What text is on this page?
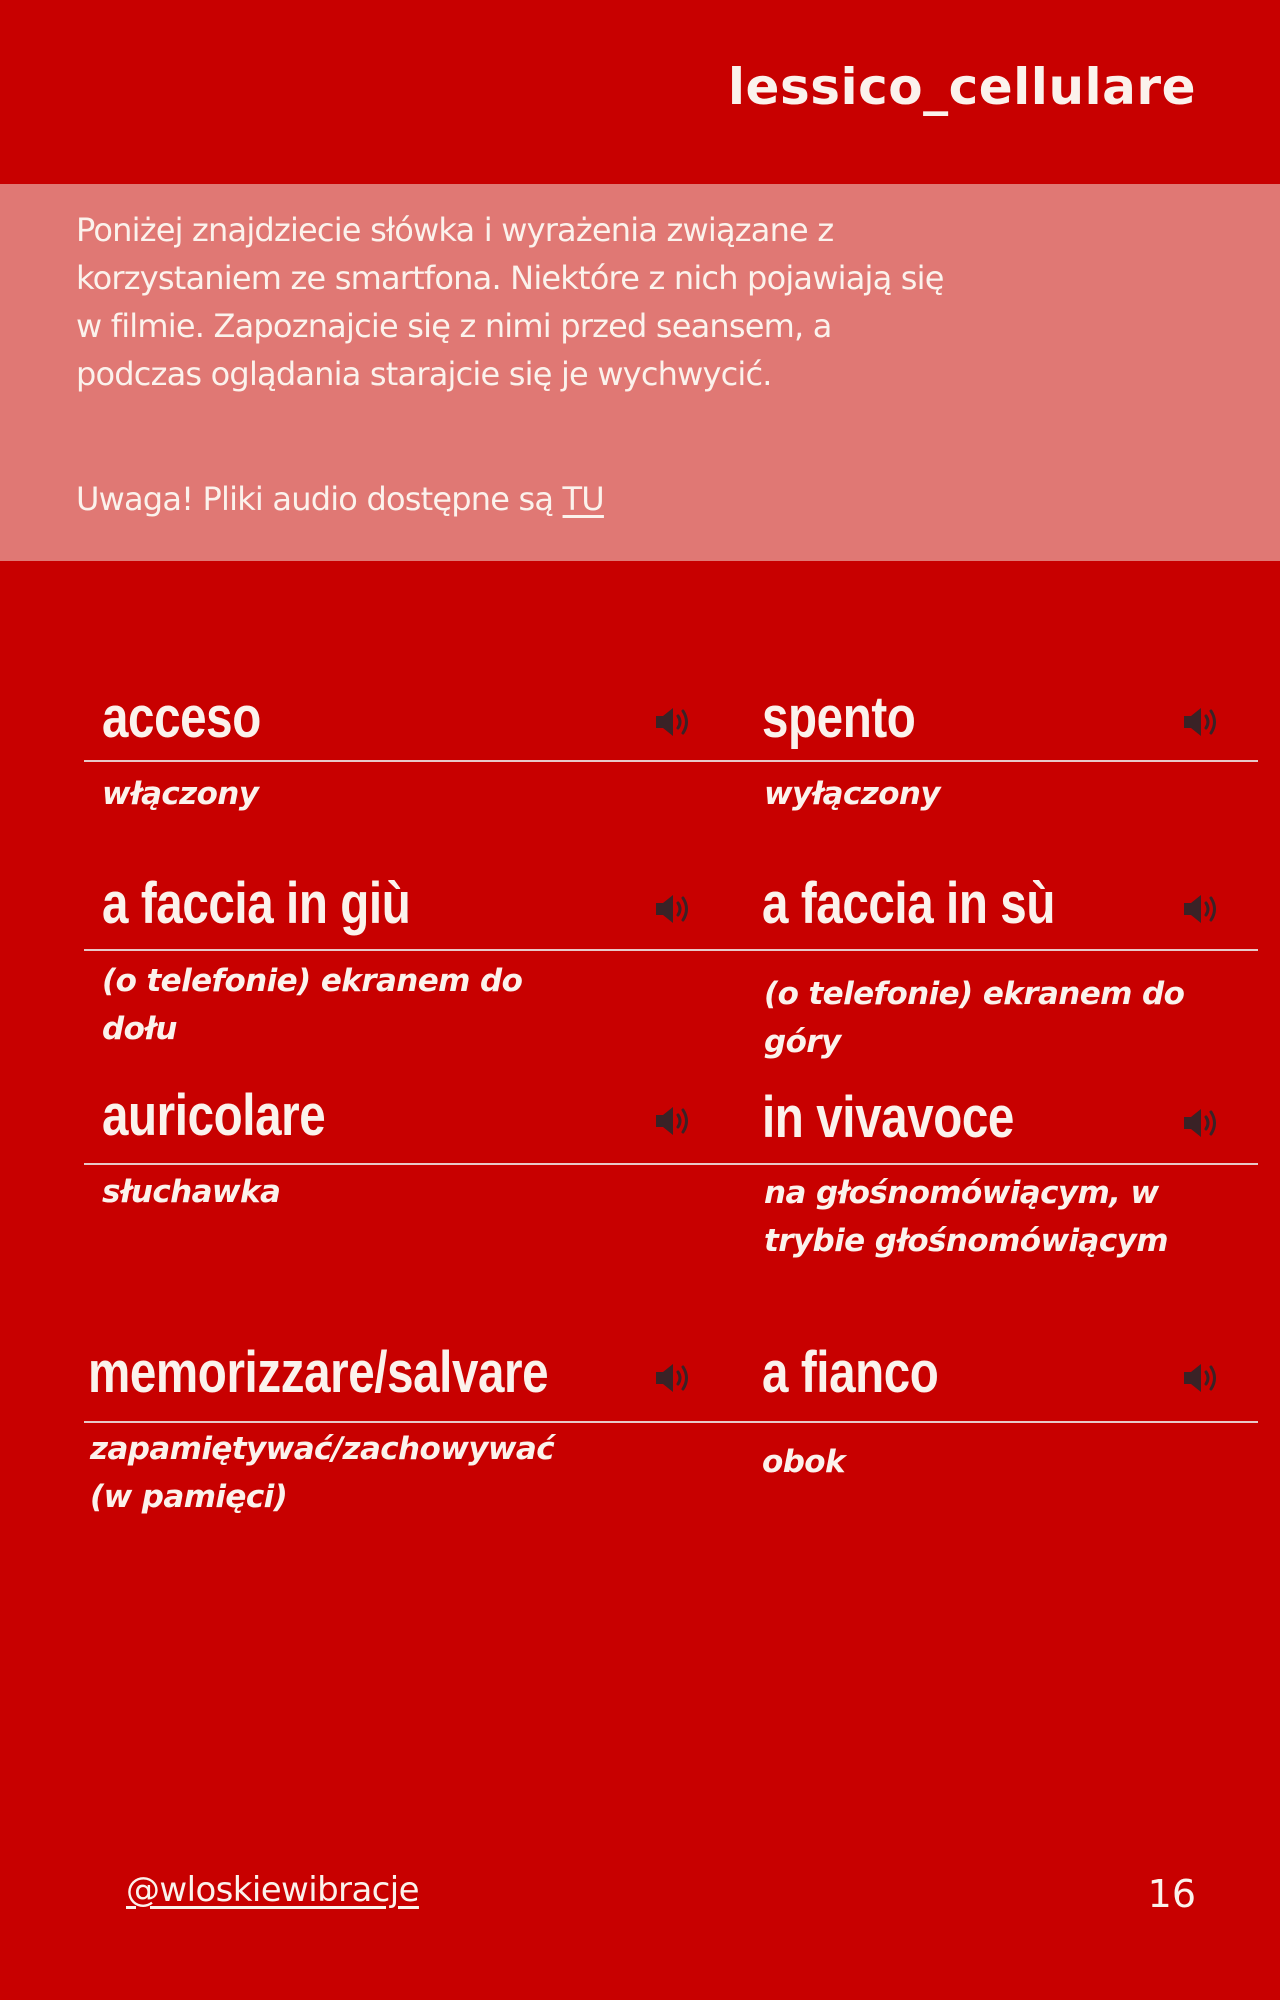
lessico_cellulare
Poniżej znajdziecie słówka i wyrażenia związane z korzystaniem ze smartfona. Niektóre z nich pojawiają się w filmie. Zapoznajcie się z nimi przed seansem, a podczas oglądania starajcie się je wychwycić.
Uwaga! Pliki audio dostępne są TU
acceso
włączony
spento
wyłączony
a faccia in giù
(o telefonie) ekranem do dołu
a faccia in sù
(o telefonie) ekranem do góry
auricolare
słuchawka
in vivavoce
na głośnomówiącym, w trybie głośnomówiącym
memorizzare/salvare
zapamiętywać/zachowywać (w pamięci)
a fianco
obok
@wloskiewibracje	16
